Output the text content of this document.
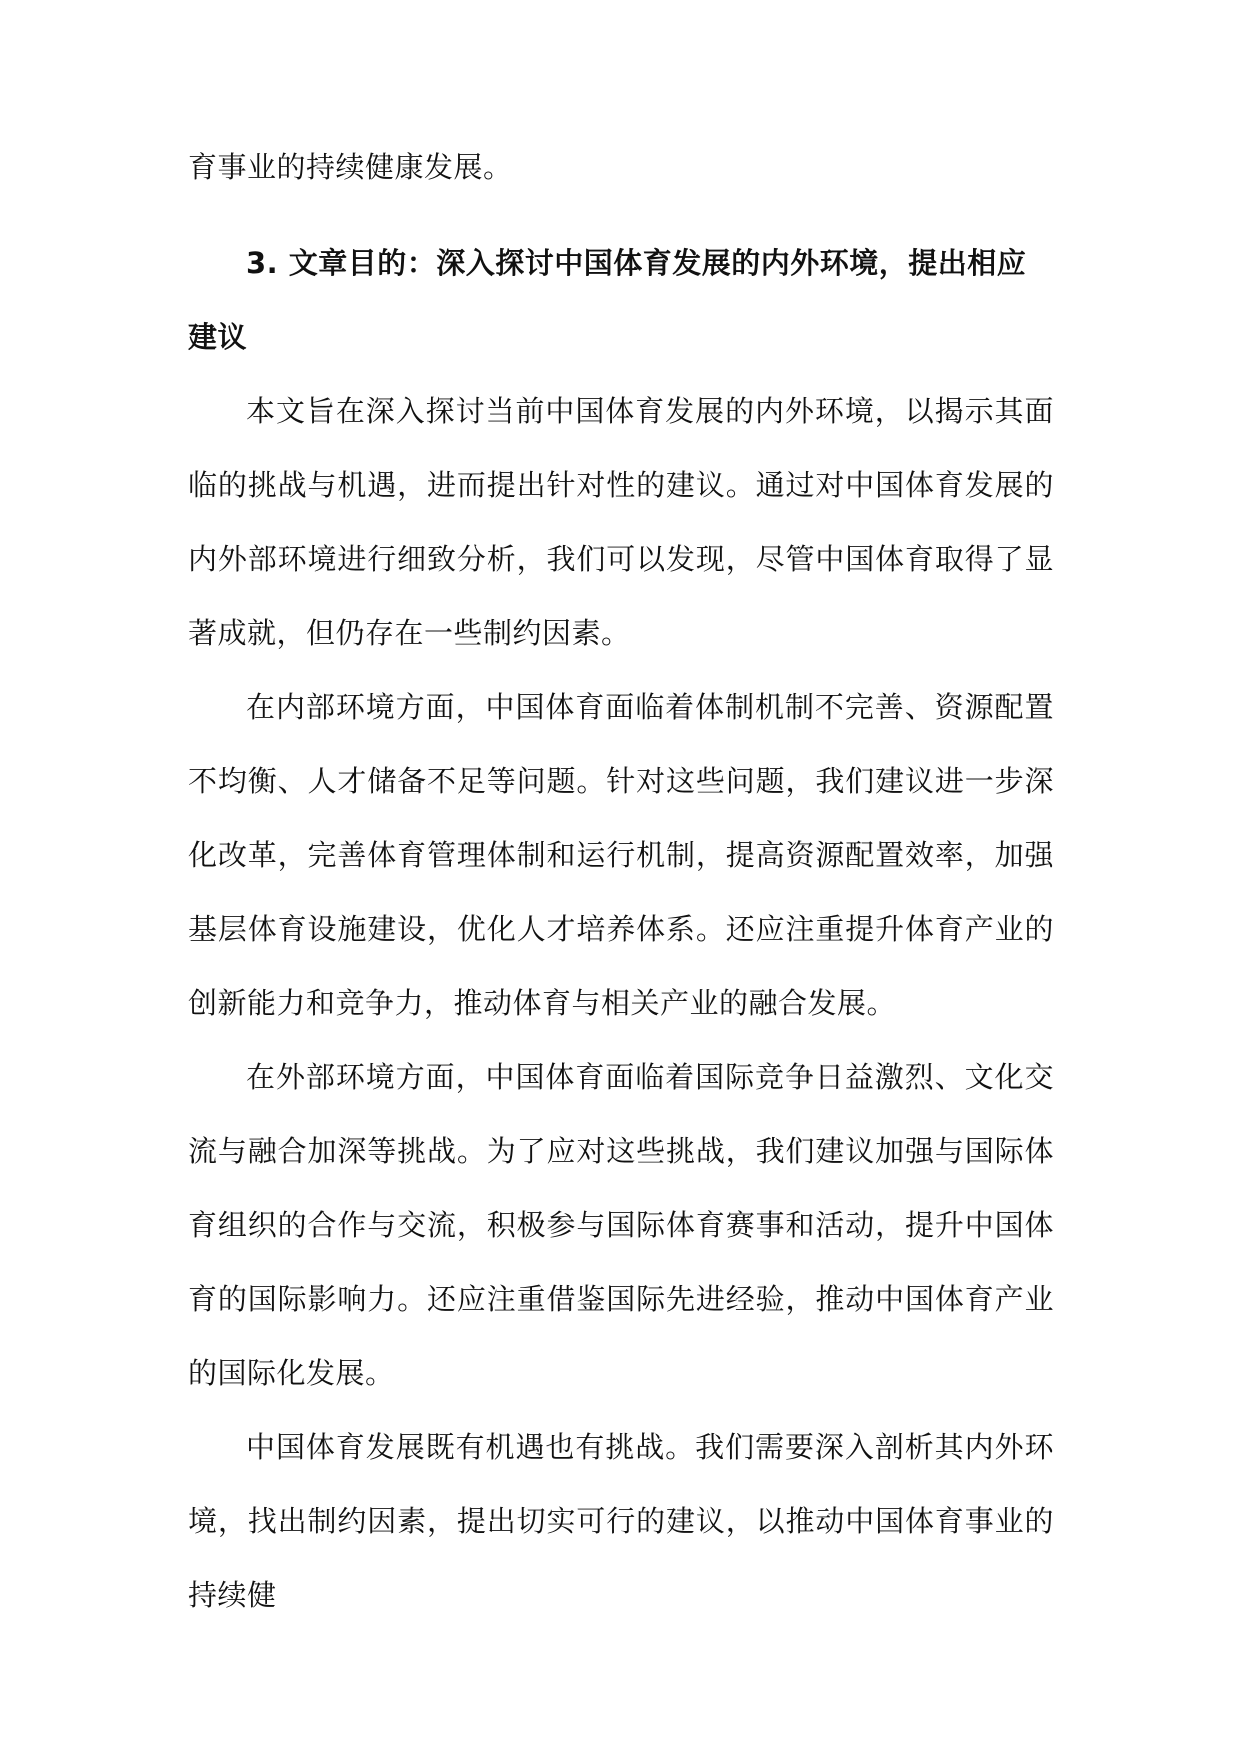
育事业的持续健康发展。

3. 文章目的：深入探讨中国体育发展的内外环境，提出相应建议

本文旨在深入探讨当前中国体育发展的内外环境，以揭示其面临的挑战与机遇，进而提出针对性的建议。通过对中国体育发展的内外部环境进行细致分析，我们可以发现，尽管中国体育取得了显著成就，但仍存在一些制约因素。

在内部环境方面，中国体育面临着体制机制不完善、资源配置不均衡、人才储备不足等问题。针对这些问题，我们建议进一步深化改革，完善体育管理体制和运行机制，提高资源配置效率，加强基层体育设施建设，优化人才培养体系。还应注重提升体育产业的创新能力和竞争力，推动体育与相关产业的融合发展。

在外部环境方面，中国体育面临着国际竞争日益激烈、文化交流与融合加深等挑战。为了应对这些挑战，我们建议加强与国际体育组织的合作与交流，积极参与国际体育赛事和活动，提升中国体育的国际影响力。还应注重借鉴国际先进经验，推动中国体育产业的国际化发展。

中国体育发展既有机遇也有挑战。我们需要深入剖析其内外环境，找出制约因素，提出切实可行的建议，以推动中国体育事业的持续健
